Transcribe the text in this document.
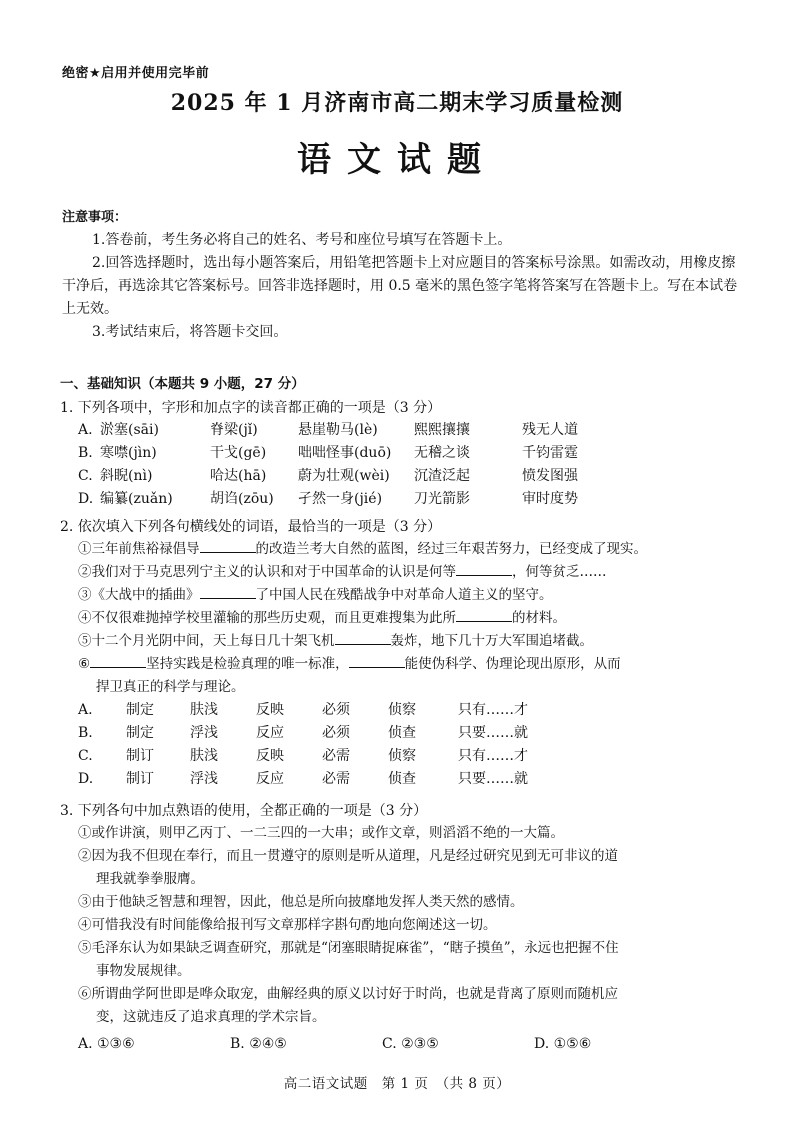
绝密★启用并使用完毕前
2025 年 1 月济南市高二期末学习质量检测
语文试题
注意事项：
1.答卷前，考生务必将自己的姓名、考号和座位号填写在答题卡上。
2.回答选择题时，选出每小题答案后，用铅笔把答题卡上对应题目的答案标号涂黑。如需改动，用橡皮擦干净后，再选涂其它答案标号。回答非选择题时，用 0.5 毫米的黑色签字笔将答案写在答题卡上。写在本试卷上无效。
3.考试结束后，将答题卡交回。
一、基础知识（本题共 9 小题，27 分）
1. 下列各项中，字形和加点字的读音都正确的一项是（3 分）
A. 淤塞(sāi)	脊梁(jǐ)	悬崖勒马(lè)	熙熙攘攘	残无人道
B. 寒噤(jìn)	干戈(gē) 咄咄怪事(duō) 无稽之谈	千钧雷霆
C. 斜睨(nì)	哈达(hā) 蔚为壮观(wèi) 沉渣泛起	愤发图强
D. 编纂(zuǎn)	胡诌(zōu) 孑然一身(jié) 刀光箭影	审时度势
2. 依次填入下列各句横线处的词语，最恰当的一项是（3 分）
①三年前焦裕禄倡导	的改造兰考大自然的蓝图，经过三年艰苦努力，已经变成了现实。
②我们对于马克思列宁主义的认识和对于中国革命的认识是何等	，何等贫乏……
③《大战中的插曲》	了中国人民在残酷战争中对革命人道主义的坚守。
④不仅很难抛掉学校里灌输的那些历史观，而且更难搜集为此所	的材料。
⑤十二个月光阴中间，天上每日几十架飞机	轰炸，地下几十万大军围追堵截。
⑥	坚持实践是检验真理的唯一标准，	能使伪科学、伪理论现出原形，从而
捍卫真正的科学与理论。
A. 制定	肤浅	反映	必须	侦察	只有……才
B. 制定	浮浅	反应	必须	侦查	只要……就
C. 制订	肤浅	反映	必需	侦察	只有……才
D. 制订	浮浅	反应	必需	侦查	只要……就
3. 下列各句中加点熟语的使用，全都正确的一项是（3 分）
①或作讲演，则甲乙丙丁、一二三四的一大串；或作文章，则滔滔不绝的一大篇。
②因为我不但现在奉行，而且一贯遵守的原则是听从道理，凡是经过研究见到无可非议的道
理我就拳拳服膺。
③由于他缺乏智慧和理智，因此，他总是所向披靡地发挥人类天然的感情。
④可惜我没有时间能像给报刊写文章那样字斟句酌地向您阐述这一切。
⑤毛泽东认为如果缺乏调查研究，那就是“闭塞眼睛捉麻雀”，“瞎子摸鱼”，永远也把握不住
事物发展规律。
⑥所谓曲学阿世即是哗众取宠，曲解经典的原义以讨好于时尚，也就是背离了原则而随机应
变，这就违反了追求真理的学术宗旨。
A. ①③⑥	B. ②④⑤	C. ②③⑤	D. ①⑤⑥
高二语文试题　第 1 页　（共 8 页）
